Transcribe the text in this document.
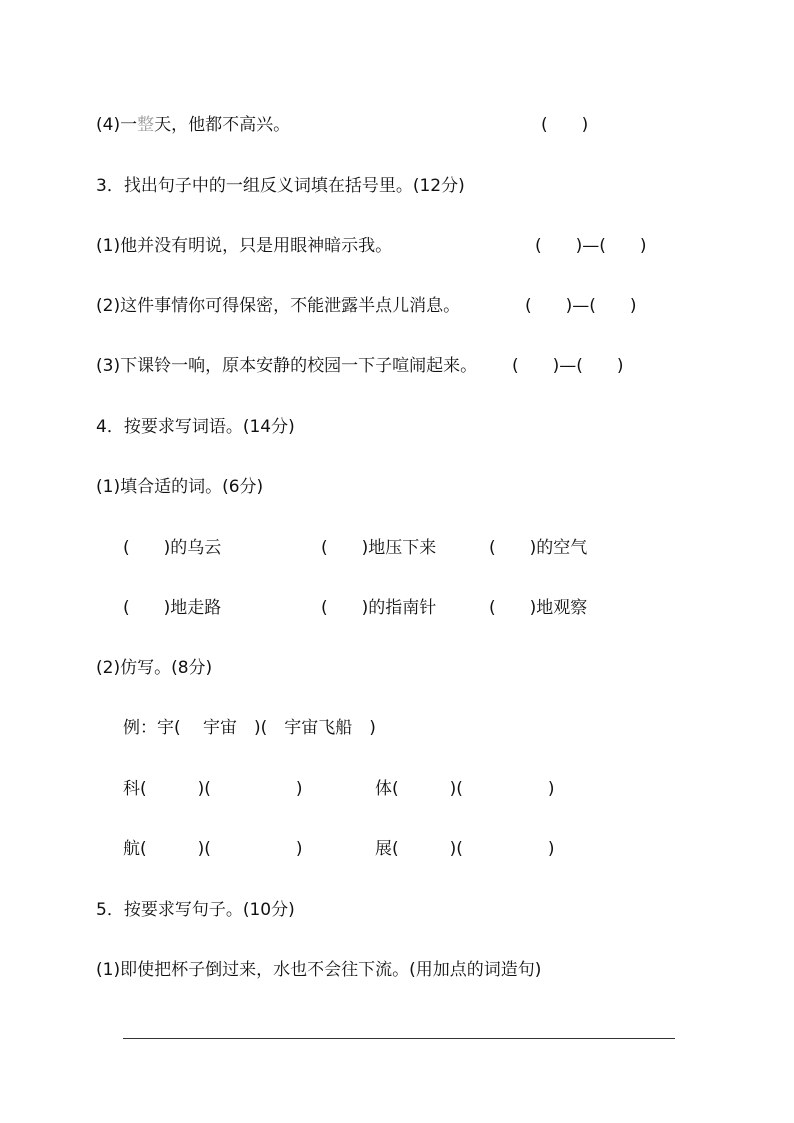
(4)一整天，他都不高兴。	(　　)
3．找出句子中的一组反义词填在括号里。(12分)
(1)他并没有明说，只是用眼神暗示我。	(　　)—(　　)
(2)这件事情你可得保密，不能泄露半点儿消息。	(　　)—(　　)
(3)下课铃一响，原本安静的校园一下子喧闹起来。 (　　)—(　　)
4．按要求写词语。(14分)
(1)填合适的词。(6分)
(　　)的乌云	(　　)地压下来	(　　)的空气
(　　)地走路	(　　)的指南针	(　　)地观察
(2)仿写。(8分)
例：宇(　 宇宙　)(　宇宙飞船　)
科(　　　)(　　　　　)	体(　　　)(　　　　　)
航(　　　)(　　　　　)	展(　　　)(　　　　　)
5．按要求写句子。(10分)
(1)即使把杯子倒过来，水也不会往下流。(用加点的词造句)
